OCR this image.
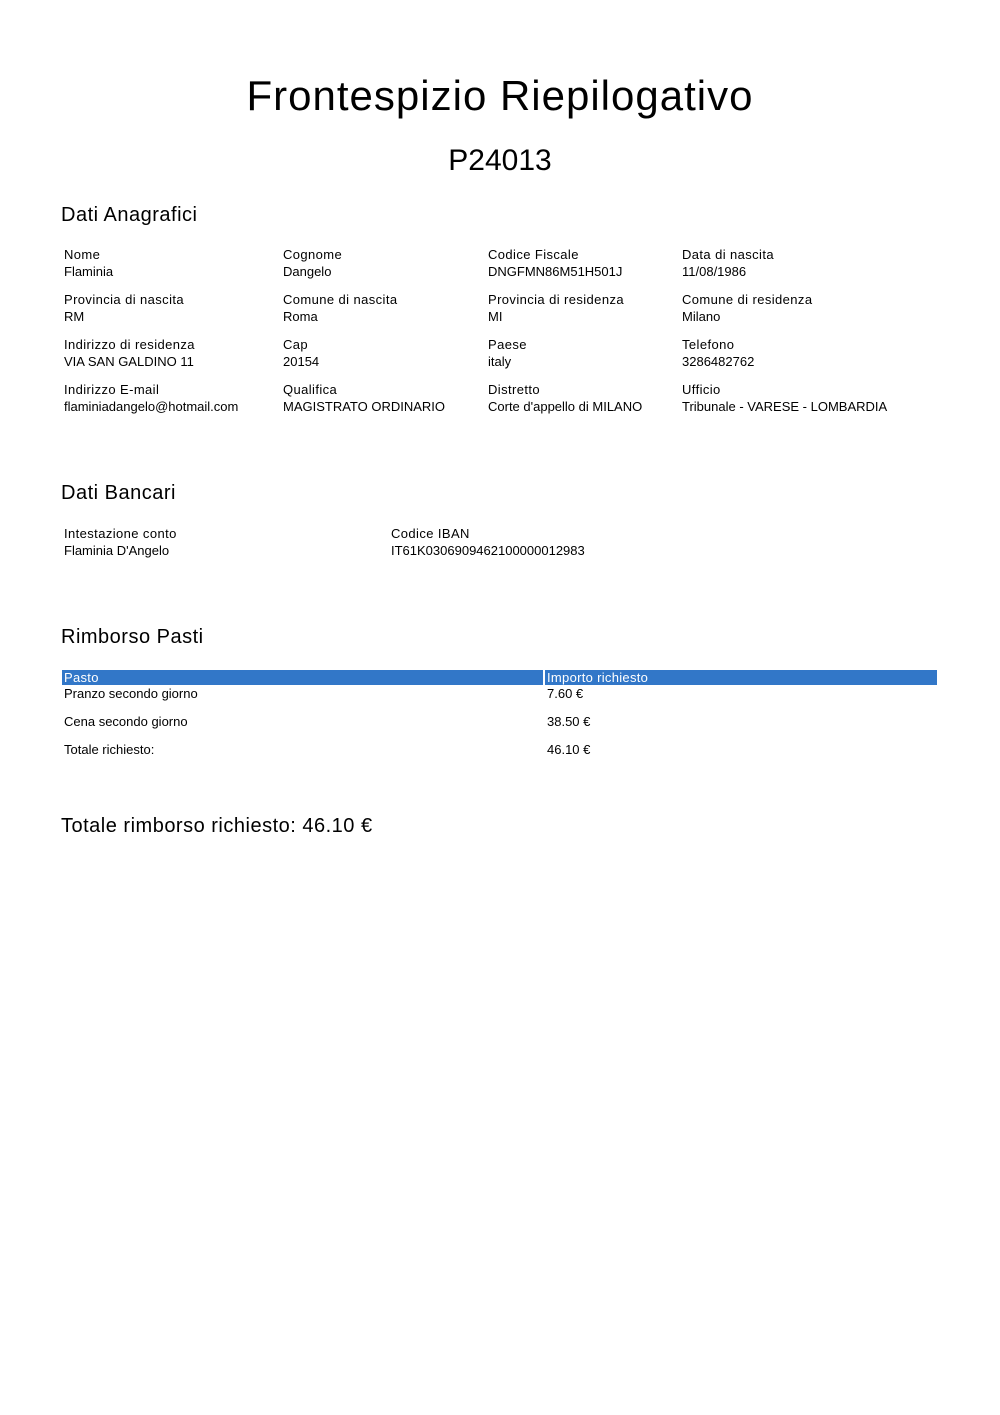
Frontespizio Riepilogativo
P24013
Dati Anagrafici
Nome
Flaminia
Cognome
Dangelo
Codice Fiscale
DNGFMN86M51H501J
Data di nascita
11/08/1986
Provincia di nascita
RM
Comune di nascita
Roma
Provincia di residenza
MI
Comune di residenza
Milano
Indirizzo di residenza
VIA SAN GALDINO 11
Cap
20154
Paese
italy
Telefono
3286482762
Indirizzo E-mail
flaminiadangelo@hotmail.com
Qualifica
MAGISTRATO ORDINARIO
Distretto
Corte d'appello di MILANO
Ufficio
Tribunale - VARESE - LOMBARDIA
Dati Bancari
Intestazione conto
Flaminia D'Angelo
Codice IBAN
IT61K0306909462100000012983
Rimborso Pasti
Pasto	Importo richiesto
Pranzo secondo giorno	7.60 €
Cena secondo giorno	38.50 €
Totale richiesto:	46.10 €
Totale rimborso richiesto: 46.10 €
